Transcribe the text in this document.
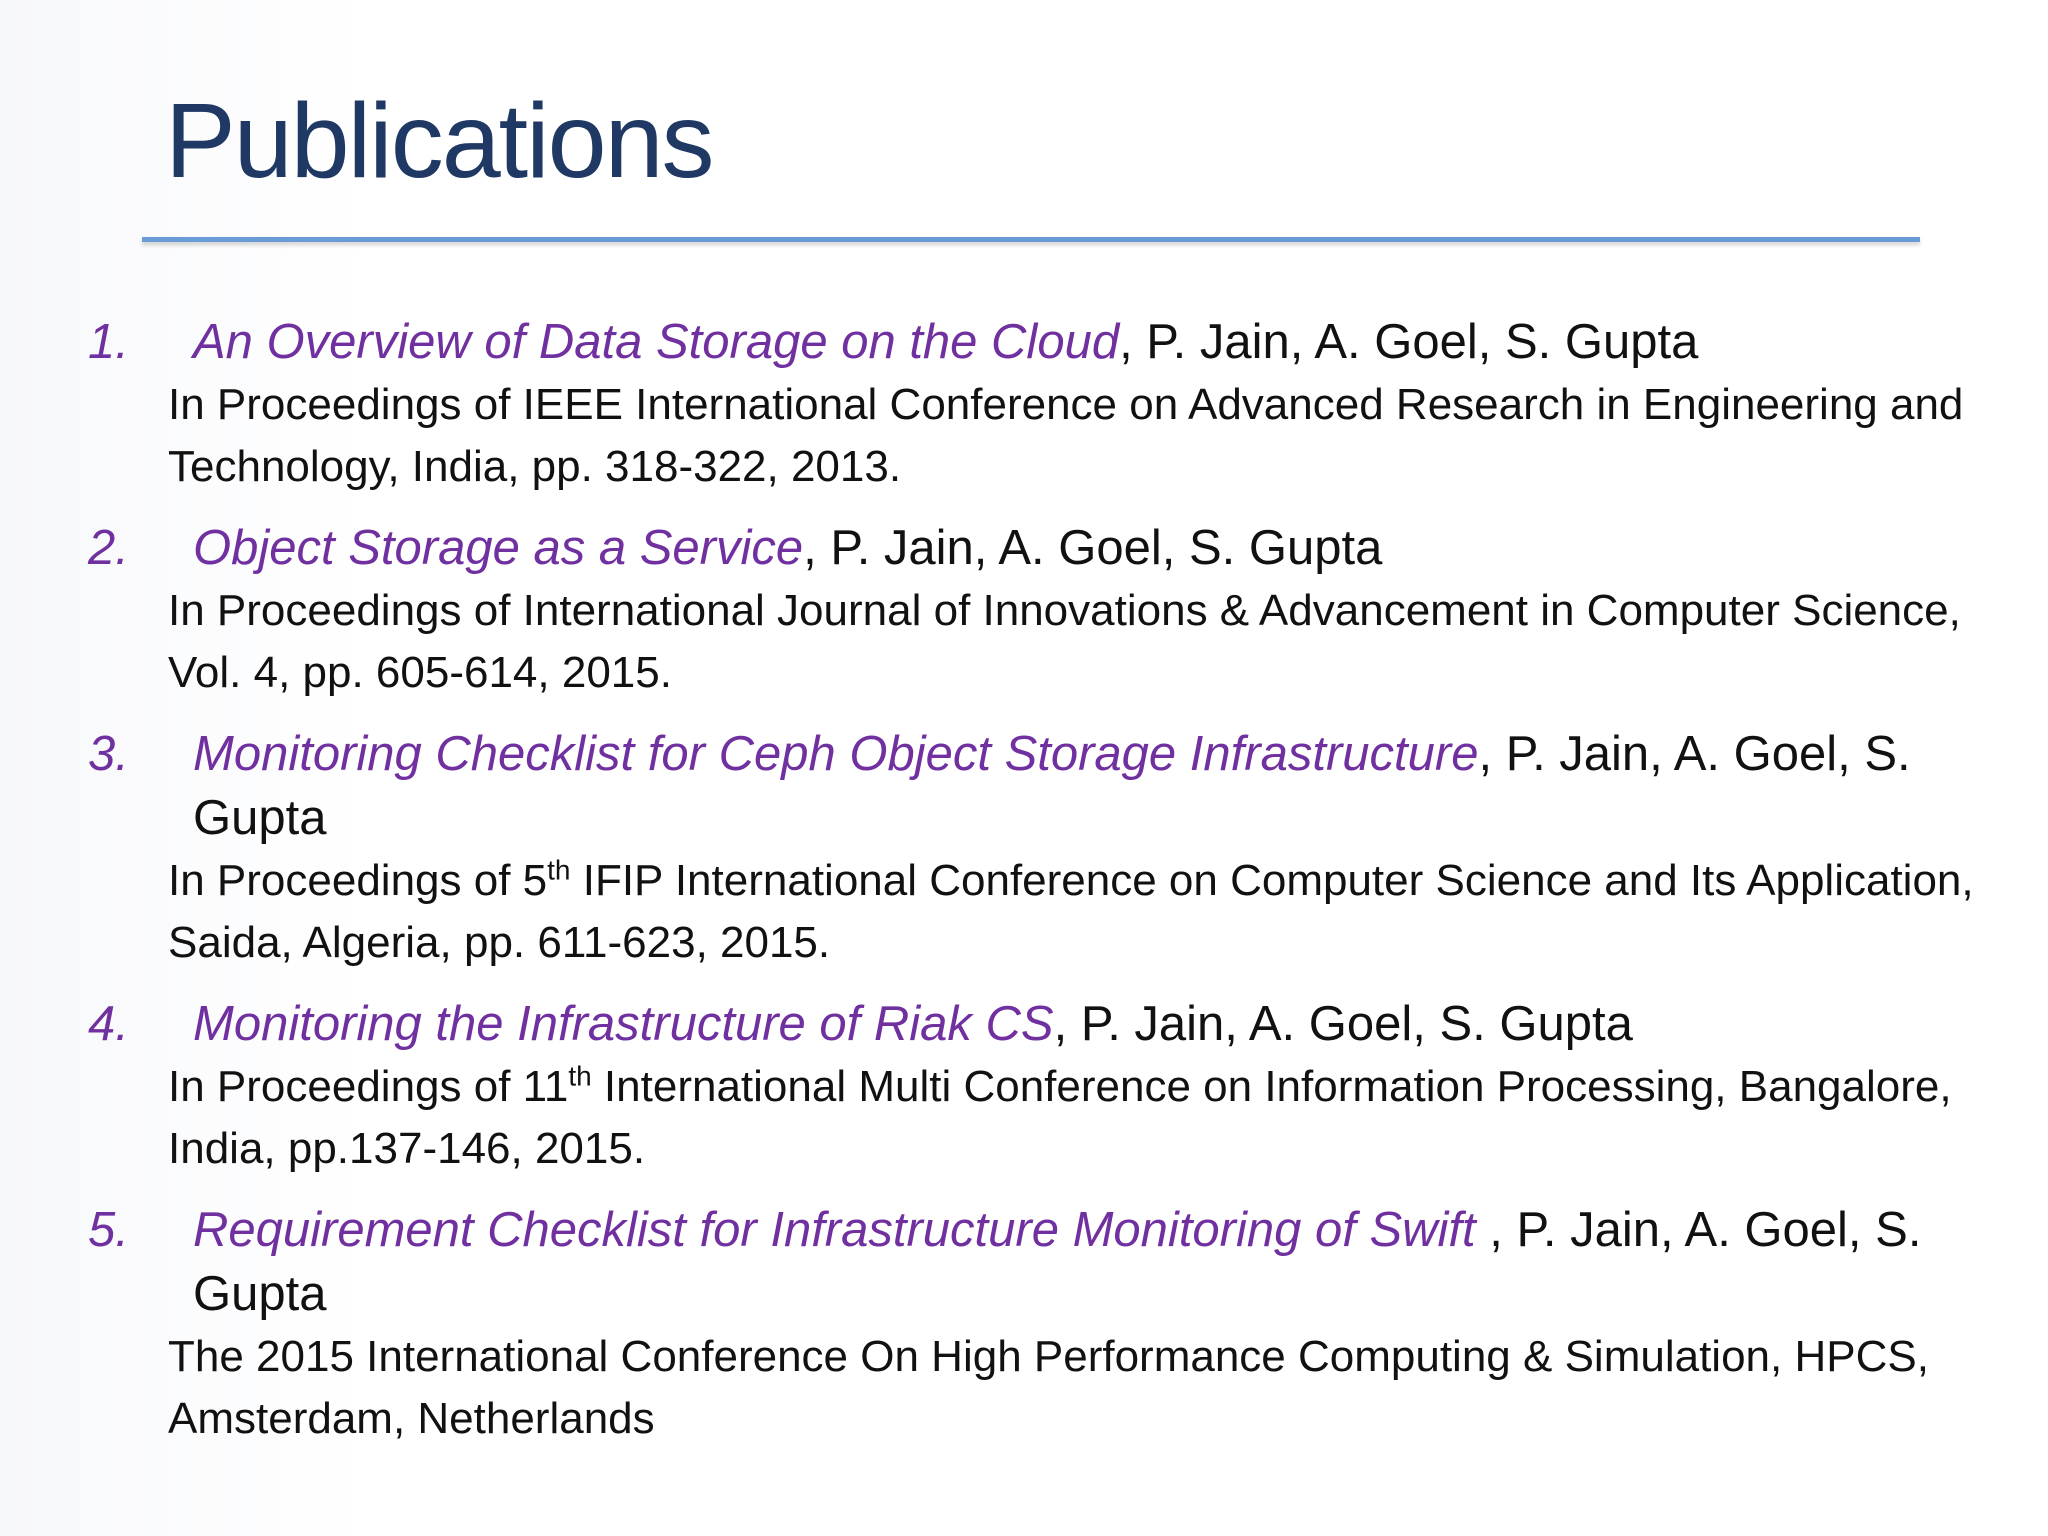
Publications
1.	An Overview of Data Storage on the Cloud, P. Jain, A. Goel, S. Gupta
In Proceedings of IEEE International Conference on Advanced Research in Engineering and Technology, India, pp. 318-322, 2013.
2.	Object Storage as a Service, P. Jain, A. Goel, S. Gupta
In Proceedings of International Journal of Innovations & Advancement in Computer Science, Vol. 4, pp. 605-614, 2015.
3.	Monitoring Checklist for Ceph Object Storage Infrastructure, P. Jain, A. Goel, S. Gupta
In Proceedings of 5th IFIP International Conference on Computer Science and Its Application, Saida, Algeria, pp. 611-623, 2015.
4.	Monitoring the Infrastructure of Riak CS, P. Jain, A. Goel, S. Gupta
In Proceedings of 11th International Multi Conference on Information Processing, Bangalore, India, pp.137-146, 2015.
5.	Requirement Checklist for Infrastructure Monitoring of Swift , P. Jain, A. Goel, S. Gupta
The 2015 International Conference On High Performance Computing & Simulation, HPCS, Amsterdam, Netherlands
